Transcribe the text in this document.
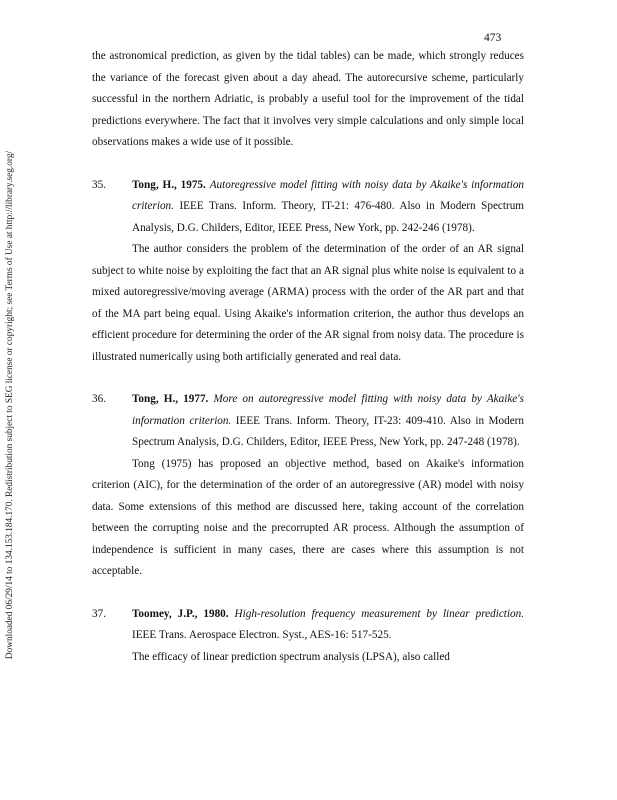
Downloaded 06/29/14 to 134.153.184.170. Redistribution subject to SEG license or copyright; see Terms of Use at http://library.seg.org/
473

the astronomical prediction, as given by the tidal tables) can be made, which strongly reduces the variance of the forecast given about a day ahead. The autorecursive scheme, particularly successful in the northern Adriatic, is probably a useful tool for the improvement of the tidal predictions everywhere. The fact that it involves very simple calculations and only simple local observations makes a wide use of it possible.

35. Tong, H., 1975. Autoregressive model fitting with noisy data by Akaike's information criterion. IEEE Trans. Inform. Theory, IT-21: 476-480. Also in Modern Spectrum Analysis, D.G. Childers, Editor, IEEE Press, New York, pp. 242-246 (1978).

The author considers the problem of the determination of the order of an AR signal subject to white noise by exploiting the fact that an AR signal plus white noise is equivalent to a mixed autoregressive/moving average (ARMA) process with the order of the AR part and that of the MA part being equal. Using Akaike's information criterion, the author thus develops an efficient procedure for determining the order of the AR signal from noisy data. The procedure is illustrated numerically using both artificially generated and real data.

36. Tong, H., 1977. More on autoregressive model fitting with noisy data by Akaike's information criterion. IEEE Trans. Inform. Theory, IT-23: 409-410. Also in Modern Spectrum Analysis, D.G. Childers, Editor, IEEE Press, New York, pp. 247-248 (1978).

Tong (1975) has proposed an objective method, based on Akaike's information criterion (AIC), for the determination of the order of an autoregressive (AR) model with noisy data. Some extensions of this method are discussed here, taking account of the correlation between the corrupting noise and the precorrupted AR process. Although the assumption of independence is sufficient in many cases, there are cases where this assumption is not acceptable.

37. Toomey, J.P., 1980. High-resolution frequency measurement by linear prediction. IEEE Trans. Aerospace Electron. Syst., AES-16: 517-525.

The efficacy of linear prediction spectrum analysis (LPSA), also called
